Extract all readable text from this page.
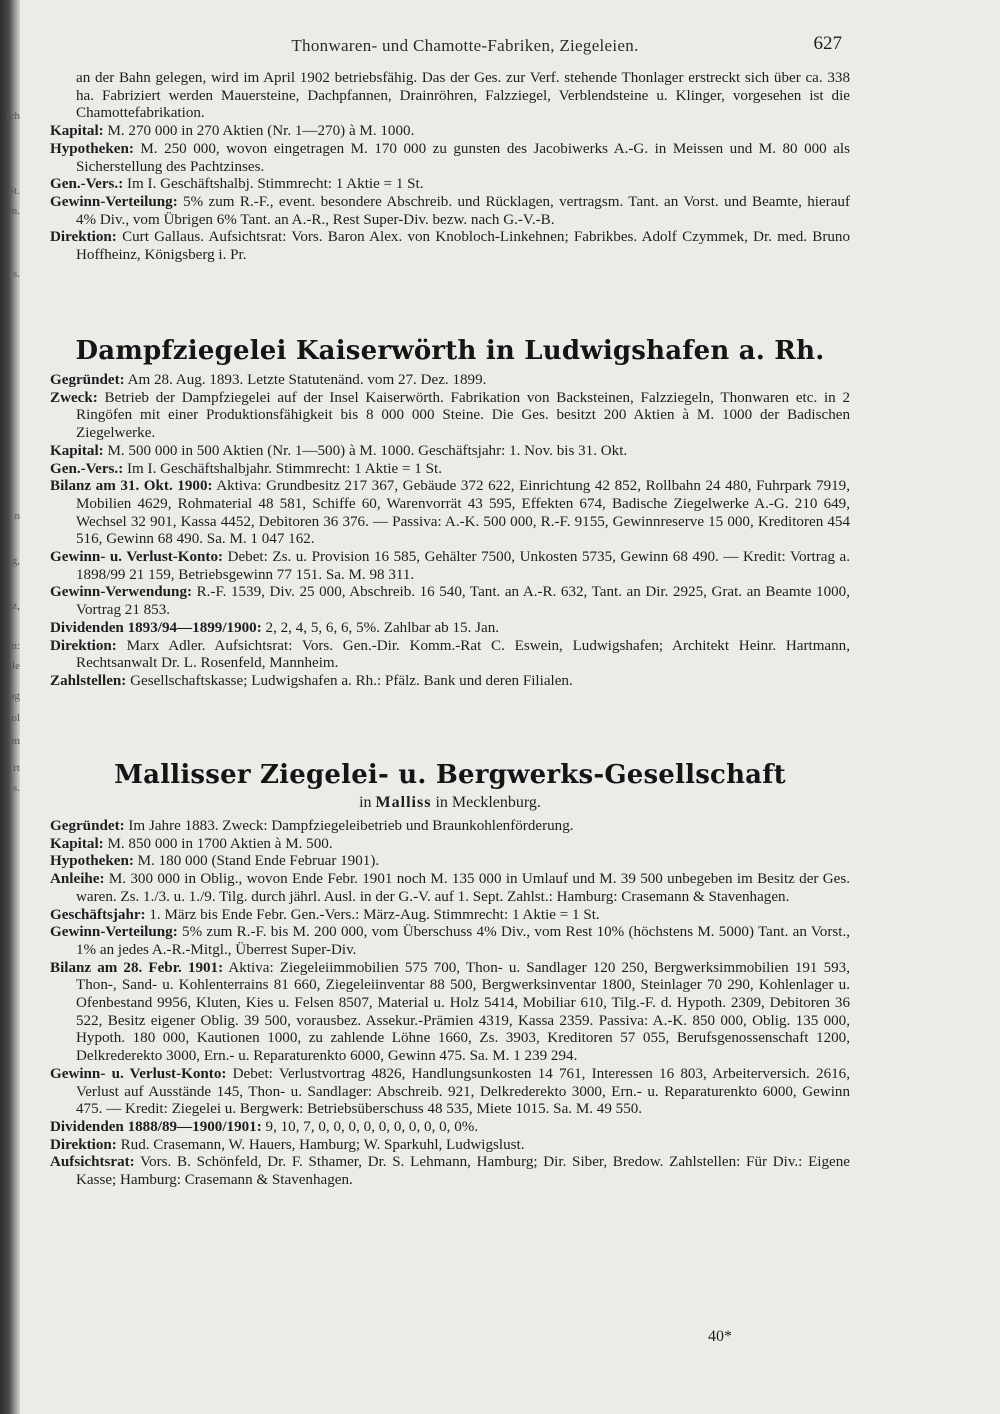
ich
St.
m.
s.
n
g,
lz,
n:
lle
ag
ol
m
rt
s.
Thonwaren- und Chamotte-Fabriken, Ziegeleien.	627

an der Bahn gelegen, wird im April 1902 betriebsfähig. Das der Ges. zur Verf. stehende Thonlager erstreckt sich über ca. 338 ha. Fabriziert werden Mauersteine, Dachpfannen, Drainröhren, Falzziegel, Verblendsteine u. Klinger, vorgesehen ist die Chamottefabrikation.

Kapital: M. 270 000 in 270 Aktien (Nr. 1—270) à M. 1000.

Hypotheken: M. 250 000, wovon eingetragen M. 170 000 zu gunsten des Jacobiwerks A.-G. in Meissen und M. 80 000 als Sicherstellung des Pachtzinses.

Gen.-Vers.: Im I. Geschäftshalbj. Stimmrecht: 1 Aktie = 1 St.

Gewinn-Verteilung: 5% zum R.-F., event. besondere Abschreib. und Rücklagen, vertragsm. Tant. an Vorst. und Beamte, hierauf 4% Div., vom Übrigen 6% Tant. an A.-R., Rest Super-Div. bezw. nach G.-V.-B.

Direktion: Curt Gallaus. Aufsichtsrat: Vors. Baron Alex. von Knobloch-Linkehnen; Fabrikbes. Adolf Czymmek, Dr. med. Bruno Hoffheinz, Königsberg i. Pr.

Dampfziegelei Kaiserwörth in Ludwigshafen a. Rh.

Gegründet: Am 28. Aug. 1893. Letzte Statutenänd. vom 27. Dez. 1899.

Zweck: Betrieb der Dampfziegelei auf der Insel Kaiserwörth. Fabrikation von Backsteinen, Falzziegeln, Thonwaren etc. in 2 Ringöfen mit einer Produktionsfähigkeit bis 8 000 000 Steine. Die Ges. besitzt 200 Aktien à M. 1000 der Badischen Ziegelwerke.

Kapital: M. 500 000 in 500 Aktien (Nr. 1—500) à M. 1000. Geschäftsjahr: 1. Nov. bis 31. Okt.

Gen.-Vers.: Im I. Geschäftshalbjahr. Stimmrecht: 1 Aktie = 1 St.

Bilanz am 31. Okt. 1900: Aktiva: Grundbesitz 217 367, Gebäude 372 622, Einrichtung 42 852, Rollbahn 24 480, Fuhrpark 7919, Mobilien 4629, Rohmaterial 48 581, Schiffe 60, Warenvorrät 43 595, Effekten 674, Badische Ziegelwerke A.-G. 210 649, Wechsel 32 901, Kassa 4452, Debitoren 36 376. — Passiva: A.-K. 500 000, R.-F. 9155, Gewinnreserve 15 000, Kreditoren 454 516, Gewinn 68 490. Sa. M. 1 047 162.

Gewinn- u. Verlust-Konto: Debet: Zs. u. Provision 16 585, Gehälter 7500, Unkosten 5735, Gewinn 68 490. — Kredit: Vortrag a. 1898/99 21 159, Betriebsgewinn 77 151. Sa. M. 98 311.

Gewinn-Verwendung: R.-F. 1539, Div. 25 000, Abschreib. 16 540, Tant. an A.-R. 632, Tant. an Dir. 2925, Grat. an Beamte 1000, Vortrag 21 853.

Dividenden 1893/94—1899/1900: 2, 2, 4, 5, 6, 6, 5%. Zahlbar ab 15. Jan.

Direktion: Marx Adler. Aufsichtsrat: Vors. Gen.-Dir. Komm.-Rat C. Eswein, Ludwigshafen; Architekt Heinr. Hartmann, Rechtsanwalt Dr. L. Rosenfeld, Mannheim.

Zahlstellen: Gesellschaftskasse; Ludwigshafen a. Rh.: Pfälz. Bank und deren Filialen.

Mallisser Ziegelei- u. Bergwerks-Gesellschaft

in Malliss in Mecklenburg.

Gegründet: Im Jahre 1883. Zweck: Dampfziegeleibetrieb und Braunkohlenförderung.

Kapital: M. 850 000 in 1700 Aktien à M. 500.

Hypotheken: M. 180 000 (Stand Ende Februar 1901).

Anleihe: M. 300 000 in Oblig., wovon Ende Febr. 1901 noch M. 135 000 in Umlauf und M. 39 500 unbegeben im Besitz der Ges. waren. Zs. 1./3. u. 1./9. Tilg. durch jährl. Ausl. in der G.-V. auf 1. Sept. Zahlst.: Hamburg: Crasemann & Stavenhagen.

Geschäftsjahr: 1. März bis Ende Febr. Gen.-Vers.: März-Aug. Stimmrecht: 1 Aktie = 1 St.

Gewinn-Verteilung: 5% zum R.-F. bis M. 200 000, vom Überschuss 4% Div., vom Rest 10% (höchstens M. 5000) Tant. an Vorst., 1% an jedes A.-R.-Mitgl., Überrest Super-Div.

Bilanz am 28. Febr. 1901: Aktiva: Ziegeleiimmobilien 575 700, Thon- u. Sandlager 120 250, Bergwerksimmobilien 191 593, Thon-, Sand- u. Kohlenterrains 81 660, Ziegeleiinventar 88 500, Bergwerksinventar 1800, Steinlager 70 290, Kohlenlager u. Ofenbestand 9956, Kluten, Kies u. Felsen 8507, Material u. Holz 5414, Mobiliar 610, Tilg.-F. d. Hypoth. 2309, Debitoren 36 522, Besitz eigener Oblig. 39 500, vorausbez. Assekur.-Prämien 4319, Kassa 2359. Passiva: A.-K. 850 000, Oblig. 135 000, Hypoth. 180 000, Kautionen 1000, zu zahlende Löhne 1660, Zs. 3903, Kreditoren 57 055, Berufsgenossenschaft 1200, Delkrederekto 3000, Ern.- u. Reparaturenkto 6000, Gewinn 475. Sa. M. 1 239 294.

Gewinn- u. Verlust-Konto: Debet: Verlustvortrag 4826, Handlungsunkosten 14 761, Interessen 16 803, Arbeiterversich. 2616, Verlust auf Ausstände 145, Thon- u. Sandlager: Abschreib. 921, Delkrederekto 3000, Ern.- u. Reparaturenkto 6000, Gewinn 475. — Kredit: Ziegelei u. Bergwerk: Betriebsüberschuss 48 535, Miete 1015. Sa. M. 49 550.

Dividenden 1888/89—1900/1901: 9, 10, 7, 0, 0, 0, 0, 0, 0, 0, 0, 0, 0%.

Direktion: Rud. Crasemann, W. Hauers, Hamburg; W. Sparkuhl, Ludwigslust.

Aufsichtsrat: Vors. B. Schönfeld, Dr. F. Sthamer, Dr. S. Lehmann, Hamburg; Dir. Siber, Bredow. Zahlstellen: Für Div.: Eigene Kasse; Hamburg: Crasemann & Stavenhagen.

40*
